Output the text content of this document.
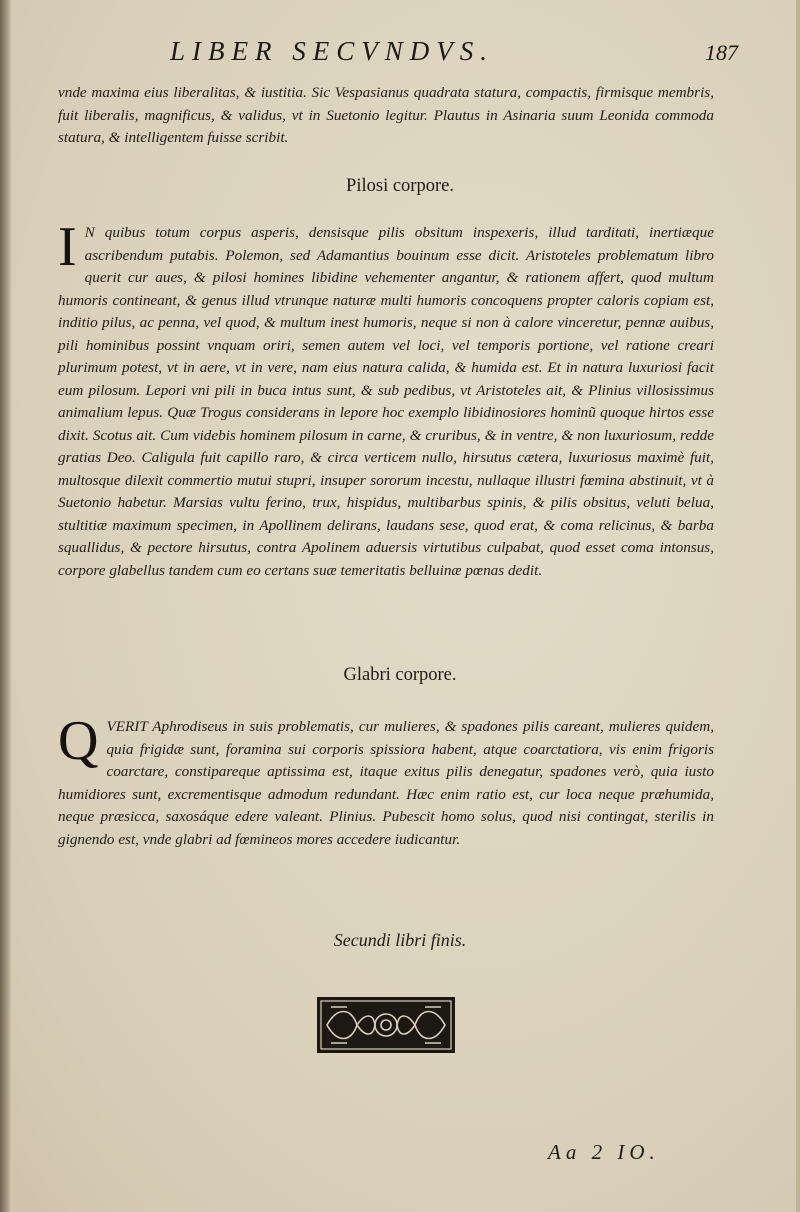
LIBER SECVNDVS.	187

vnde maxima eius liberalitas, & iustitia. Sic Vespasianus quadrata statura, compactis, firmisque membris, fuit liberalis, magnificus, & validus, vt in Suetonio legitur. Plautus in Asinaria suum Leonida commoda statura, & intelligentem fuisse scribit.

Pilosi corpore.
I N quibus totum corpus asperis, densisque pilis obsitum inspexeris, illud tarditati, inertiæque ascribendum putabis. Polemon, sed Adamantius bouinum esse dicit. Aristoteles problematum libro querit cur aues, & pilosi homines libidine vehementer angantur, & rationem affert, quod multum humoris contineant, & genus illud vtrunque naturæ multi humoris concoquens propter caloris copiam est, inditio pilus, ac penna, vel quod, & multum inest humoris, neque si non à calore vinceretur, pennæ auibus, pili hominibus possint vnquam oriri, semen autem vel loci, vel temporis portione, vel ratione creari plurimum potest, vt in aere, vt in vere, nam eius natura calida, & humida est. Et in natura luxuriosi facit eum pilosum. Lepori vni pili in buca intus sunt, & sub pedibus, vt Aristoteles ait, & Plinius villosissimus animalium lepus. Quæ Trogus considerans in lepore hoc exemplo libidinosiores hominũ quoque hirtos esse dixit. Scotus ait. Cum videbis hominem pilosum in carne, & cruribus, & in ventre, & non luxuriosum, redde gratias Deo. Caligula fuit capillo raro, & circa verticem nullo, hirsutus cætera, luxuriosus maximè fuit, multosque dilexit commertio mutui stupri, insuper sororum incestu, nullaque illustri fœmina abstinuit, vt à Suetonio habetur. Marsias vultu ferino, trux, hispidus, multibarbus spinis, & pilis obsitus, veluti belua, stultitiæ maximum specimen, in Apollinem delirans, laudans sese, quod erat, & coma relicinus, & barba squallidus, & pectore hirsutus, contra Apolinem aduersis virtutibus culpabat, quod esset coma intonsus, corpore glabellus tandem cum eo certans suæ temeritatis belluinæ pœnas dedit.
Glabri corpore.
Q VERIT Aphrodiseus in suis problematis, cur mulieres, & spadones pilis careant, mulieres quidem, quia frigidæ sunt, foramina sui corporis spissiora habent, atque coarctatiora, vis enim frigoris coarctare, constipareque aptissima est, itaque exitus pilis denegatur, spadones verò, quia iusto humidiores sunt, excrementisque admodum redundant. Hæc enim ratio est, cur loca neque præhumida, neque præsicca, saxosáque edere valeant. Plinius. Pubescit homo solus, quod nisi contingat, sterilis in gignendo est, vnde glabri ad fœmineos mores accedere iudicantur.
Secundi libri finis.
Aa 2 IO.
